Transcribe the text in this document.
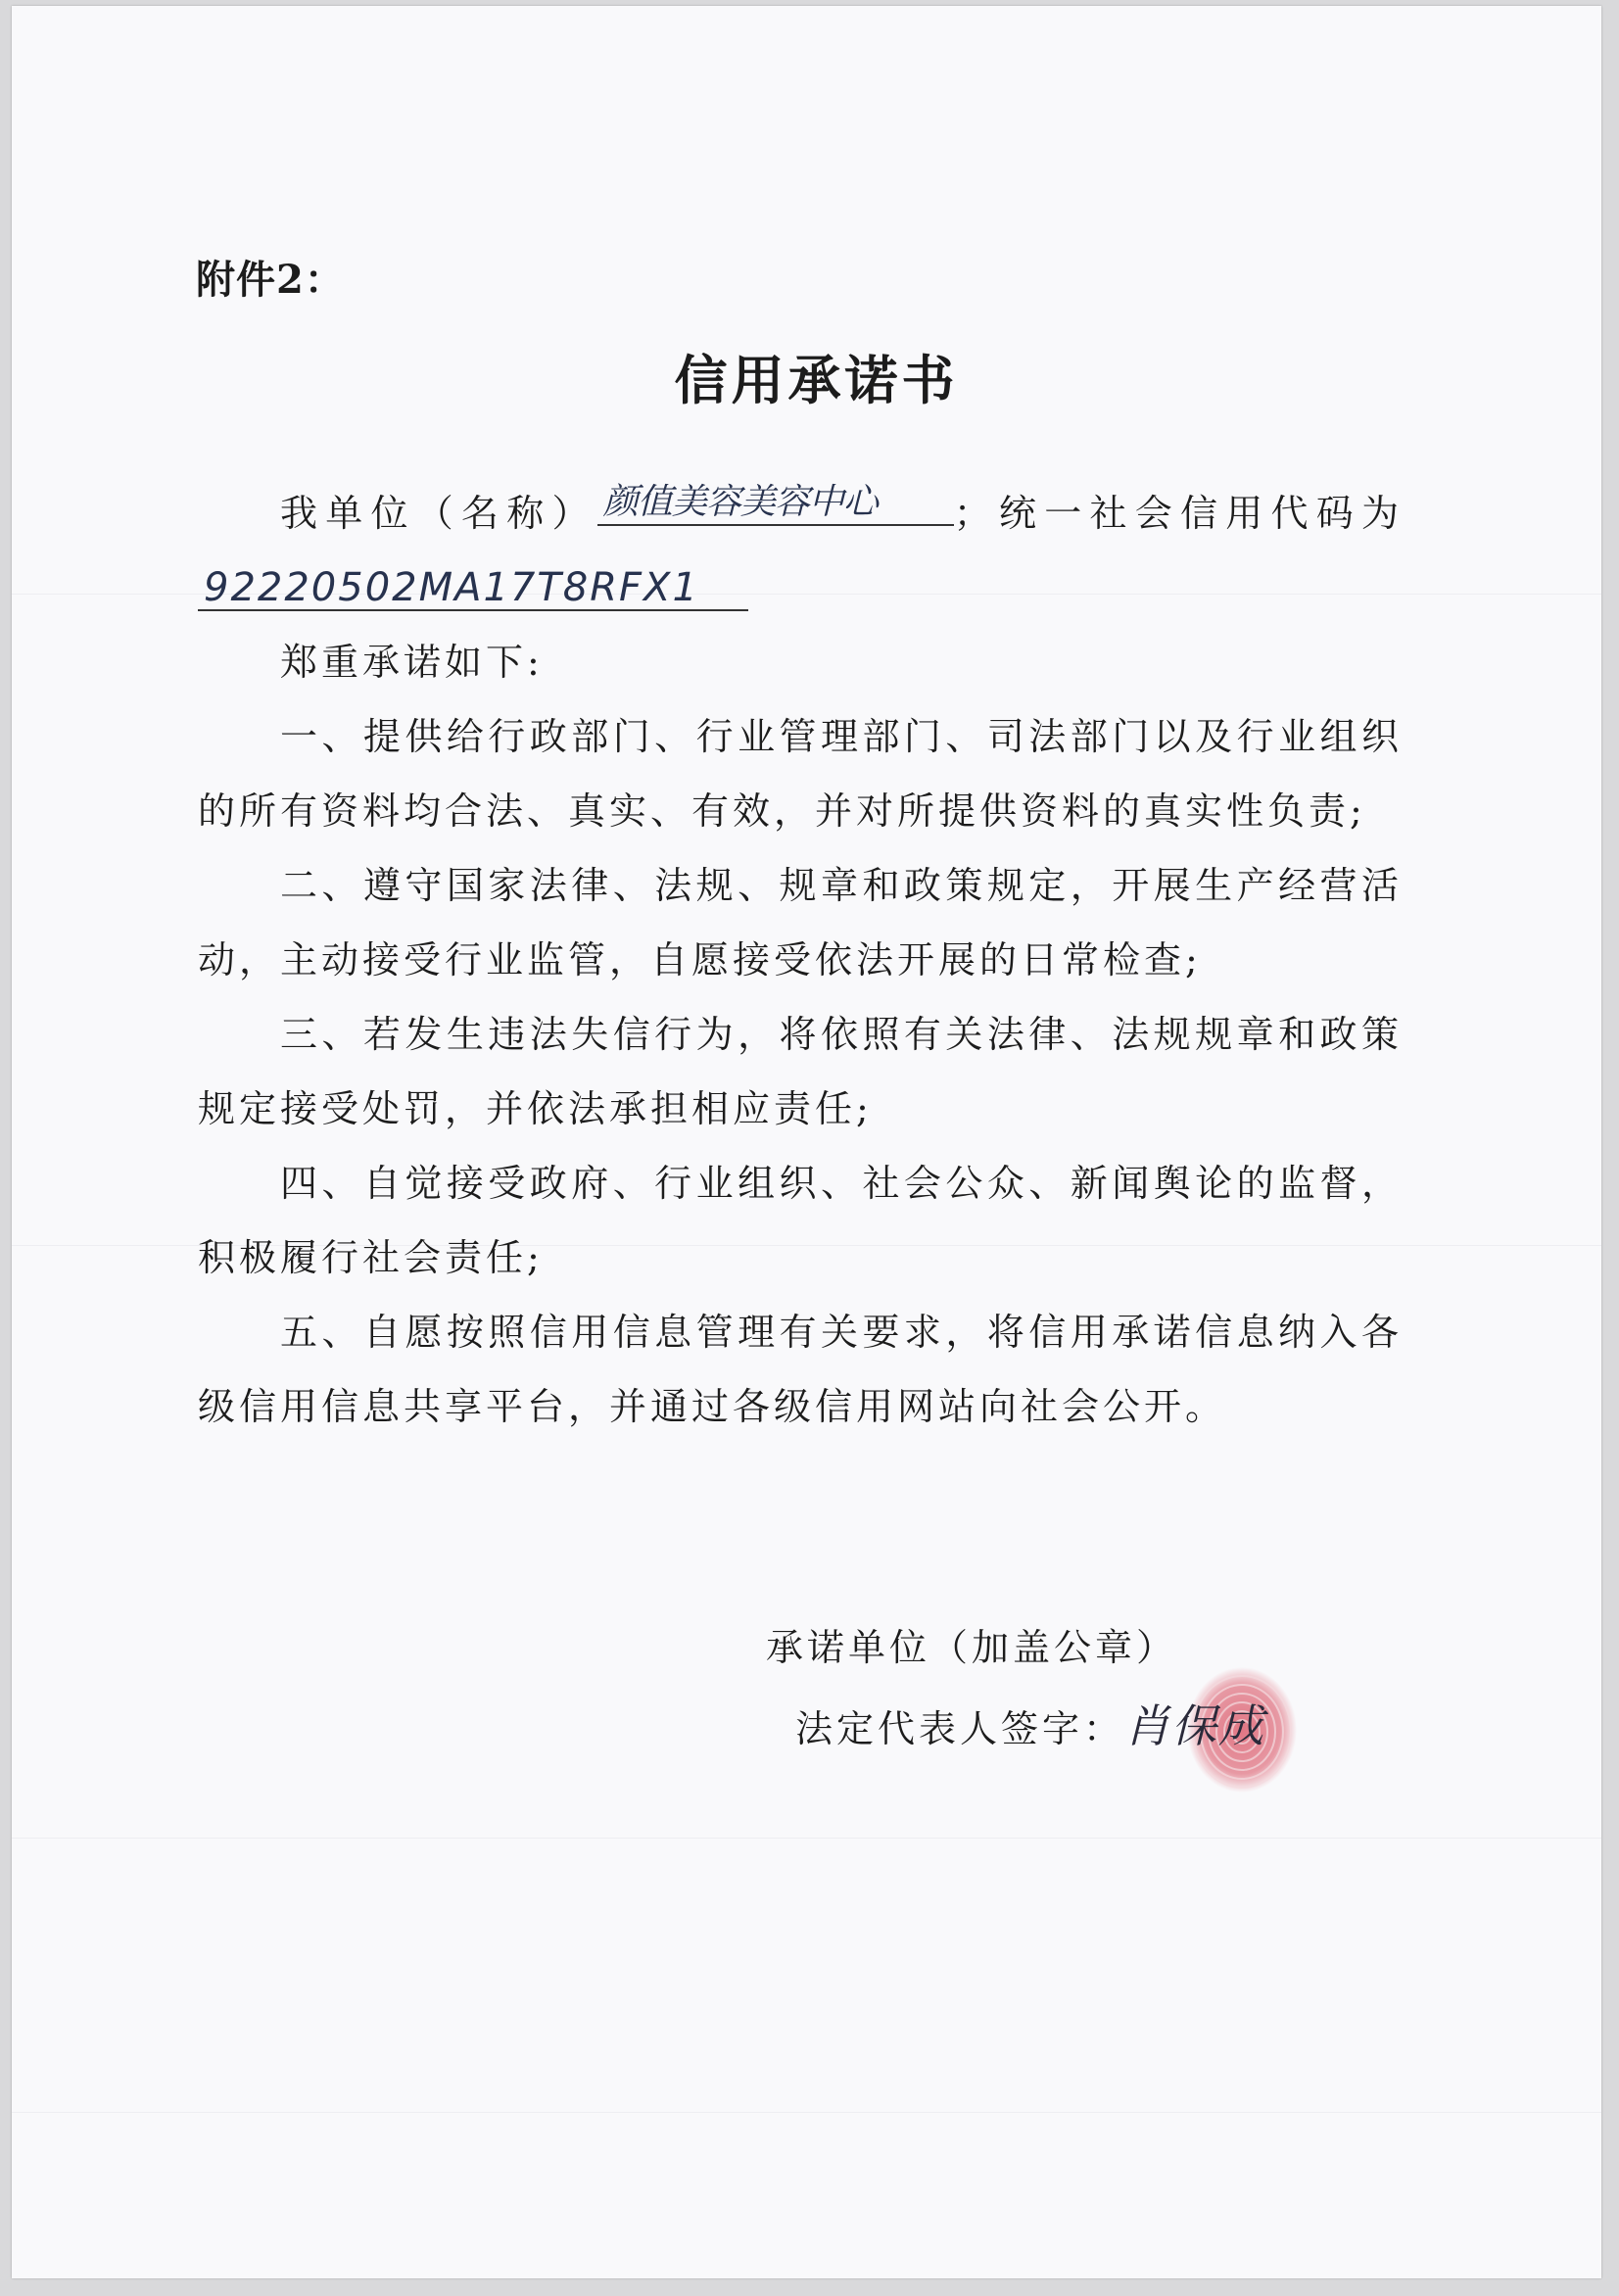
附件2：
信用承诺书

我单位（名称） 颜值美容美容中心 ；统一社会信用代码为92220502MA17T8RFX1

郑重承诺如下:

一、提供给行政部门、行业管理部门、司法部门以及行业组织的所有资料均合法、真实、有效，并对所提供资料的真实性负责;

二、遵守国家法律、法规、规章和政策规定，开展生产经营活动，主动接受行业监管，自愿接受依法开展的日常检查;

三、若发生违法失信行为，将依照有关法律、法规规章和政策规定接受处罚，并依法承担相应责任;

四、自觉接受政府、行业组织、社会公众、新闻舆论的监督，积极履行社会责任;

五、自愿按照信用信息管理有关要求，将信用承诺信息纳入各级信用信息共享平台，并通过各级信用网站向社会公开。

承诺单位（加盖公章）
法定代表人签字：肖保成
